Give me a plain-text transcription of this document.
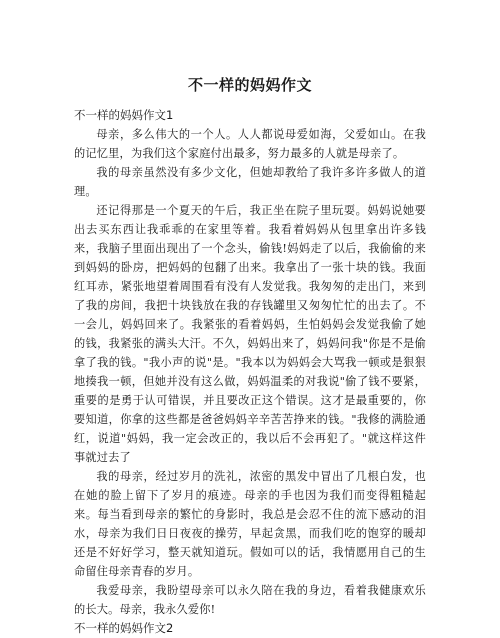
不一样的妈妈作文
不一样的妈妈作文1

母亲，多么伟大的一个人。人人都说母爱如海，父爱如山。在我的记忆里，为我们这个家庭付出最多，努力最多的人就是母亲了。

我的母亲虽然没有多少文化，但她却教给了我许多许多做人的道理。

还记得那是一个夏天的午后，我正坐在院子里玩耍。妈妈说她要出去买东西让我乖乖的在家里等着。我看着妈妈从包里拿出许多钱来，我脑子里面出现出了一个念头，偷钱!妈妈走了以后，我偷偷的来到妈妈的卧房，把妈妈的包翻了出来。我拿出了一张十块的钱。我面红耳赤，紧张地望着周围看有没有人发觉我。我匆匆的走出门，来到了我的房间，我把十块钱放在我的存钱罐里又匆匆忙忙的出去了。不一会儿，妈妈回来了。我紧张的看着妈妈，生怕妈妈会发觉我偷了她的钱，我紧张的满头大汗。不久，妈妈出来了，妈妈问我"你是不是偷拿了我的钱。"我小声的说"是。"我本以为妈妈会大骂我一顿或是狠狠地揍我一顿，但她并没有这么做，妈妈温柔的对我说"偷了钱不要紧，重要的是勇于认可错误，并且要改正这个错误。这才是最重要的，你要知道，你拿的这些都是爸爸妈妈辛辛苦苦挣来的钱。"我修的满脸通红，说道"妈妈，我一定会改正的，我以后不会再犯了。"就这样这件事就过去了

我的母亲，经过岁月的洗礼，浓密的黑发中冒出了几根白发，也在她的脸上留下了岁月的痕迹。母亲的手也因为我们而变得粗糙起来。每当看到母亲的繁忙的身影时，我总是会忍不住的流下感动的泪水，母亲为我们日日夜夜的操劳，早起贪黑，而我们吃的饱穿的暖却还是不好好学习，整天就知道玩。假如可以的话，我情愿用自己的生命留住母亲青春的岁月。

我爱母亲，我盼望母亲可以永久陪在我的身边，看着我健康欢乐的长大。母亲，我永久爱你!

不一样的妈妈作文2
